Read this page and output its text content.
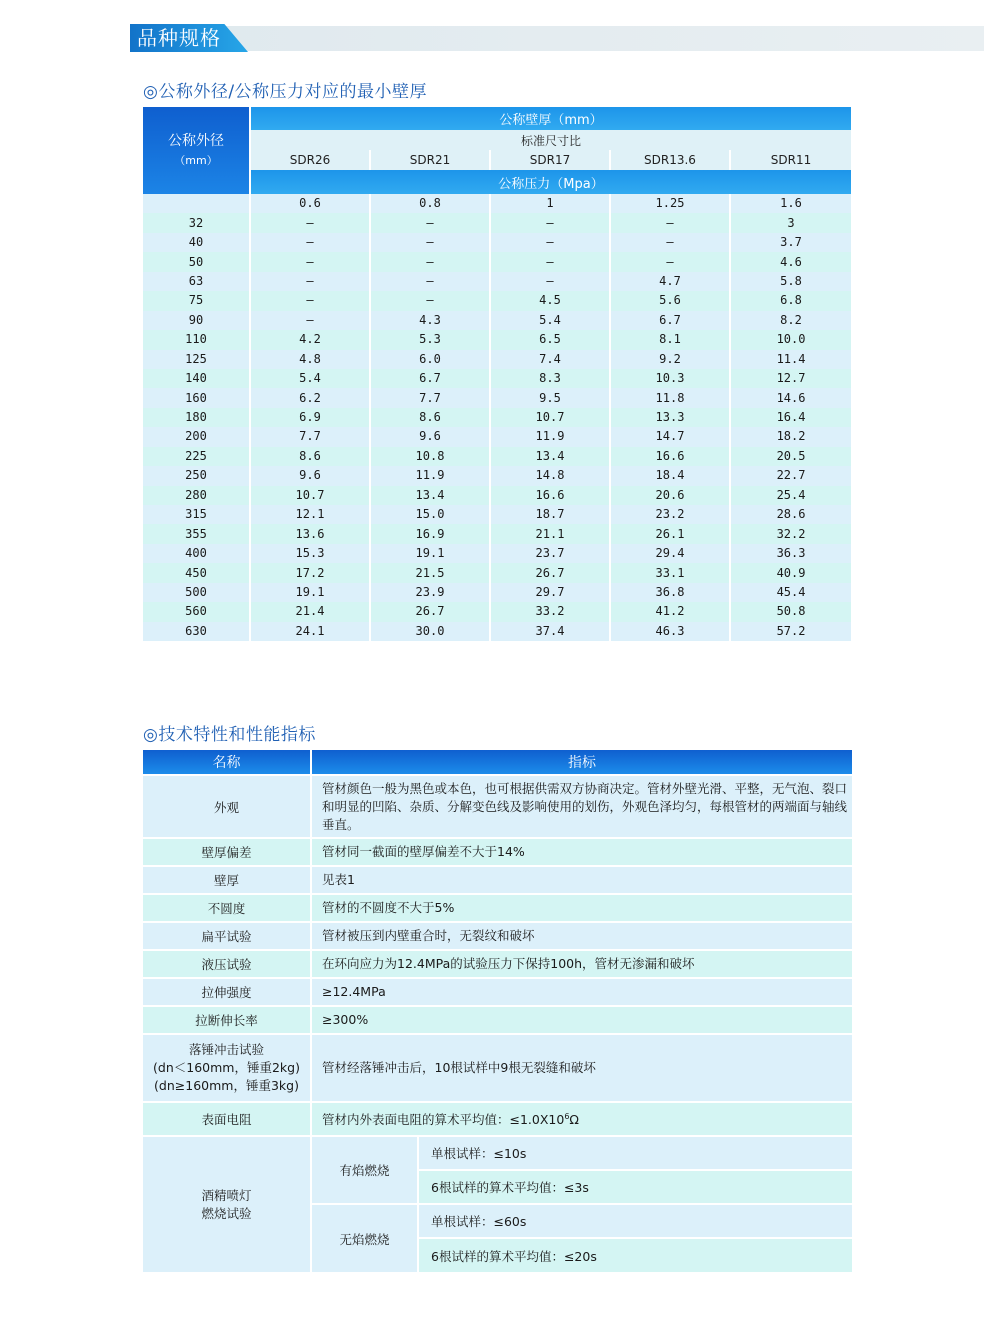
品种规格
◎公称外径/公称压力对应的最小壁厚
公称外径
（mm）	公称壁厚（mm）				
	标准尺寸比				
	SDR26	SDR21	SDR17	SDR13.6	SDR11
	公称压力（Mpa）				
	0.6	0.8	1	1.25	1.6
32	—	—	—	—	3
40	—	—	—	—	3.7
50	—	—	—	—	4.6
63	—	—	—	4.7	5.8
75	—	—	4.5	5.6	6.8
90	—	4.3	5.4	6.7	8.2
110	4.2	5.3	6.5	8.1	10.0
125	4.8	6.0	7.4	9.2	11.4
140	5.4	6.7	8.3	10.3	12.7
160	6.2	7.7	9.5	11.8	14.6
180	6.9	8.6	10.7	13.3	16.4
200	7.7	9.6	11.9	14.7	18.2
225	8.6	10.8	13.4	16.6	20.5
250	9.6	11.9	14.8	18.4	22.7
280	10.7	13.4	16.6	20.6	25.4
315	12.1	15.0	18.7	23.2	28.6
355	13.6	16.9	21.1	26.1	32.2
400	15.3	19.1	23.7	29.4	36.3
450	17.2	21.5	26.7	33.1	40.9
500	19.1	23.9	29.7	36.8	45.4
560	21.4	26.7	33.2	41.2	50.8
630	24.1	30.0	37.4	46.3	57.2
◎技术特性和性能指标
名称	指标	
外观	管材颜色一般为黑色或本色，也可根据供需双方协商决定。管材外壁光滑、平整，无气泡、裂口和明显的凹陷、杂质、分解变色线及影响使用的划伤，外观色泽均匀，每根管材的两端面与轴线垂直。	
壁厚偏差	管材同一截面的壁厚偏差不大于14%	
壁厚	见表1	
不圆度	管材的不圆度不大于5%	
扁平试验	管材被压到内壁重合时，无裂纹和破坏	
液压试验	在环向应力为12.4MPa的试验压力下保持100h，管材无渗漏和破坏	
拉伸强度	≥12.4MPa	
拉断伸长率	≥300%	

落锤冲击试验
(dn＜160mm，锤重2kg)
(dn≥160mm，锤重3kg)	管材经落锤冲击后，10根试样中9根无裂缝和破坏	
表面电阻	管材内外表面电阻的算术平均值：$\le 1.0X10^6\Omega$	

酒精喷灯
燃烧试验	有焰燃烧	单根试样：≤10s
		6根试样的算术平均值：≤3s
	无焰燃烧	单根试样：≤60s
		6根试样的算术平均值：≤20s
